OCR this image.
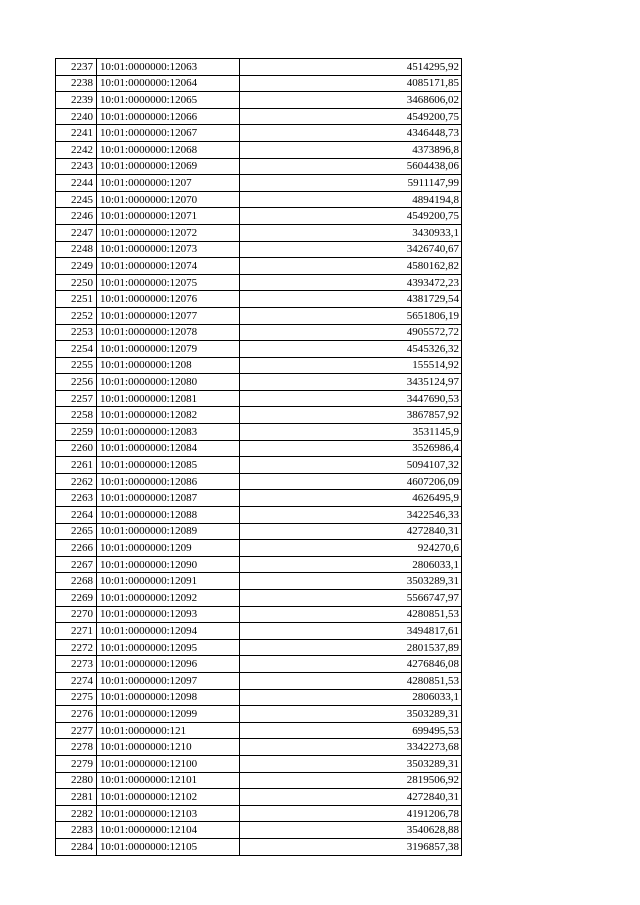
2237	10:01:0000000:12063	4514295,92
2238	10:01:0000000:12064	4085171,85
2239	10:01:0000000:12065	3468606,02
2240	10:01:0000000:12066	4549200,75
2241	10:01:0000000:12067	4346448,73
2242	10:01:0000000:12068	4373896,8
2243	10:01:0000000:12069	5604438,06
2244	10:01:0000000:1207	5911147,99
2245	10:01:0000000:12070	4894194,8
2246	10:01:0000000:12071	4549200,75
2247	10:01:0000000:12072	3430933,1
2248	10:01:0000000:12073	3426740,67
2249	10:01:0000000:12074	4580162,82
2250	10:01:0000000:12075	4393472,23
2251	10:01:0000000:12076	4381729,54
2252	10:01:0000000:12077	5651806,19
2253	10:01:0000000:12078	4905572,72
2254	10:01:0000000:12079	4545326,32
2255	10:01:0000000:1208	155514,92
2256	10:01:0000000:12080	3435124,97
2257	10:01:0000000:12081	3447690,53
2258	10:01:0000000:12082	3867857,92
2259	10:01:0000000:12083	3531145,9
2260	10:01:0000000:12084	3526986,4
2261	10:01:0000000:12085	5094107,32
2262	10:01:0000000:12086	4607206,09
2263	10:01:0000000:12087	4626495,9
2264	10:01:0000000:12088	3422546,33
2265	10:01:0000000:12089	4272840,31
2266	10:01:0000000:1209	924270,6
2267	10:01:0000000:12090	2806033,1
2268	10:01:0000000:12091	3503289,31
2269	10:01:0000000:12092	5566747,97
2270	10:01:0000000:12093	4280851,53
2271	10:01:0000000:12094	3494817,61
2272	10:01:0000000:12095	2801537,89
2273	10:01:0000000:12096	4276846,08
2274	10:01:0000000:12097	4280851,53
2275	10:01:0000000:12098	2806033,1
2276	10:01:0000000:12099	3503289,31
2277	10:01:0000000:121	699495,53
2278	10:01:0000000:1210	3342273,68
2279	10:01:0000000:12100	3503289,31
2280	10:01:0000000:12101	2819506,92
2281	10:01:0000000:12102	4272840,31
2282	10:01:0000000:12103	4191206,78
2283	10:01:0000000:12104	3540628,88
2284	10:01:0000000:12105	3196857,38
